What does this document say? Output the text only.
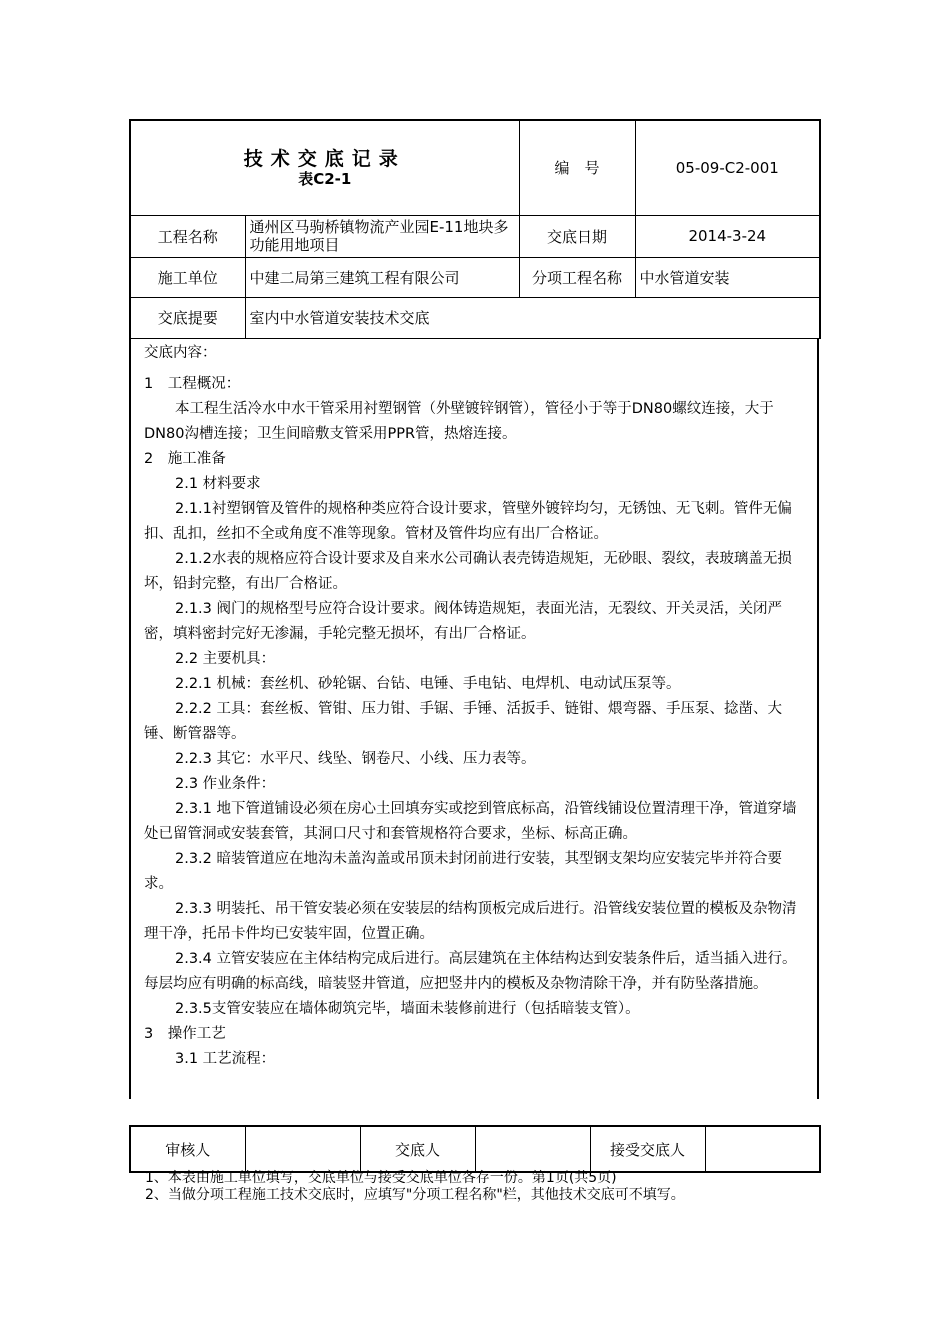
技术交底记录
表C2-1		编　号	05-09-C2-001
工程名称	通州区马驹桥镇物流产业园E-11地块多功能用地项目	交底日期	2014-3-24
施工单位	中建二局第三建筑工程有限公司	分项工程名称	中水管道安装
交底提要	室内中水管道安装技术交底		

交底内容：

1　工程概况：

本工程生活冷水中水干管采用衬塑钢管（外壁镀锌钢管），管径小于等于DN80螺纹连接，大于DN80沟槽连接；卫生间暗敷支管采用PPR管，热熔连接。

2　施工准备

2.1 材料要求

2.1.1衬塑钢管及管件的规格种类应符合设计要求，管壁外镀锌均匀，无锈蚀、无飞刺。管件无偏扣、乱扣，丝扣不全或角度不准等现象。管材及管件均应有出厂合格证。

2.1.2水表的规格应符合设计要求及自来水公司确认表壳铸造规矩，无砂眼、裂纹，表玻璃盖无损坏，铅封完整，有出厂合格证。

2.1.3 阀门的规格型号应符合设计要求。阀体铸造规矩，表面光洁，无裂纹、开关灵活，关闭严密，填料密封完好无渗漏，手轮完整无损坏，有出厂合格证。

2.2 主要机具：

2.2.1 机械：套丝机、砂轮锯、台钻、电锤、手电钻、电焊机、电动试压泵等。

2.2.2 工具：套丝板、管钳、压力钳、手锯、手锤、活扳手、链钳、煨弯器、手压泵、捻凿、大锤、断管器等。

2.2.3 其它：水平尺、线坠、钢卷尺、小线、压力表等。

2.3 作业条件：

2.3.1 地下管道铺设必须在房心土回填夯实或挖到管底标高，沿管线铺设位置清理干净，管道穿墙处已留管洞或安装套管，其洞口尺寸和套管规格符合要求，坐标、标高正确。

2.3.2 暗装管道应在地沟未盖沟盖或吊顶未封闭前进行安装，其型钢支架均应安装完毕并符合要求。

2.3.3 明装托、吊干管安装必须在安装层的结构顶板完成后进行。沿管线安装位置的模板及杂物清理干净，托吊卡件均已安装牢固，位置正确。

2.3.4 立管安装应在主体结构完成后进行。高层建筑在主体结构达到安装条件后，适当插入进行。每层均应有明确的标高线，暗装竖井管道，应把竖井内的模板及杂物清除干净，并有防坠落措施。

2.3.5支管安装应在墙体砌筑完毕，墙面未装修前进行（包括暗装支管）。

3　操作工艺

3.1 工艺流程：

审核人		交底人		接受交底人	
1、本表由施工单位填写，交底单位与接受交底单位各存一份。第1页(共5页)
2、当做分项工程施工技术交底时，应填写"分项工程名称"栏，其他技术交底可不填写。
